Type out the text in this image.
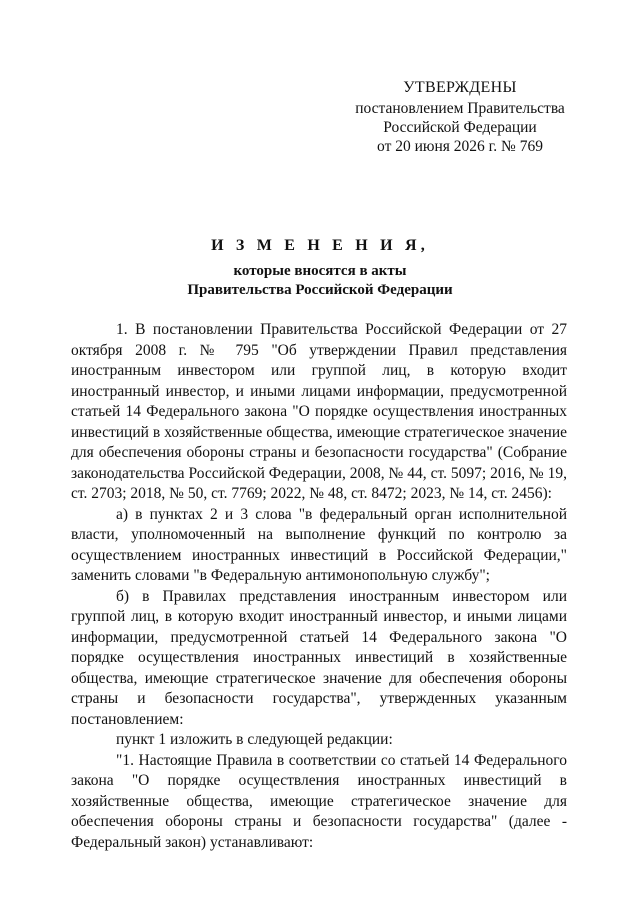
УТВЕРЖДЕНЫ
постановлением Правительства
Российской Федерации
от 20 июня 2026 г. № 769
И З М Е Н Е Н И Я,
которые вносятся в акты
Правительства Российской Федерации

1. В постановлении Правительства Российской Федерации от 27 октября 2008 г. № 795 "Об утверждении Правил представления иностранным инвестором или группой лиц, в которую входит иностранный инвестор, и иными лицами информации, предусмотренной статьей 14 Федерального закона "О порядке осуществления иностранных инвестиций в хозяйственные общества, имеющие стратегическое значение для обеспечения обороны страны и безопасности государства" (Собрание законодательства Российской Федерации, 2008, № 44, ст. 5097; 2016, № 19, ст. 2703; 2018, № 50, ст. 7769; 2022, № 48, ст. 8472; 2023, № 14, ст. 2456):

а) в пунктах 2 и 3 слова "в федеральный орган исполнительной власти, уполномоченный на выполнение функций по контролю за осуществлением иностранных инвестиций в Российской Федерации," заменить словами "в Федеральную антимонопольную службу";

б) в Правилах представления иностранным инвестором или группой лиц, в которую входит иностранный инвестор, и иными лицами информации, предусмотренной статьей 14 Федерального закона "О порядке осуществления иностранных инвестиций в хозяйственные общества, имеющие стратегическое значение для обеспечения обороны страны и безопасности государства", утвержденных указанным постановлением:

пункт 1 изложить в следующей редакции:

"1. Настоящие Правила в соответствии со статьей 14 Федерального закона "О порядке осуществления иностранных инвестиций в хозяйственные общества, имеющие стратегическое значение для обеспечения обороны страны и безопасности государства" (далее - Федеральный закон) устанавливают:
